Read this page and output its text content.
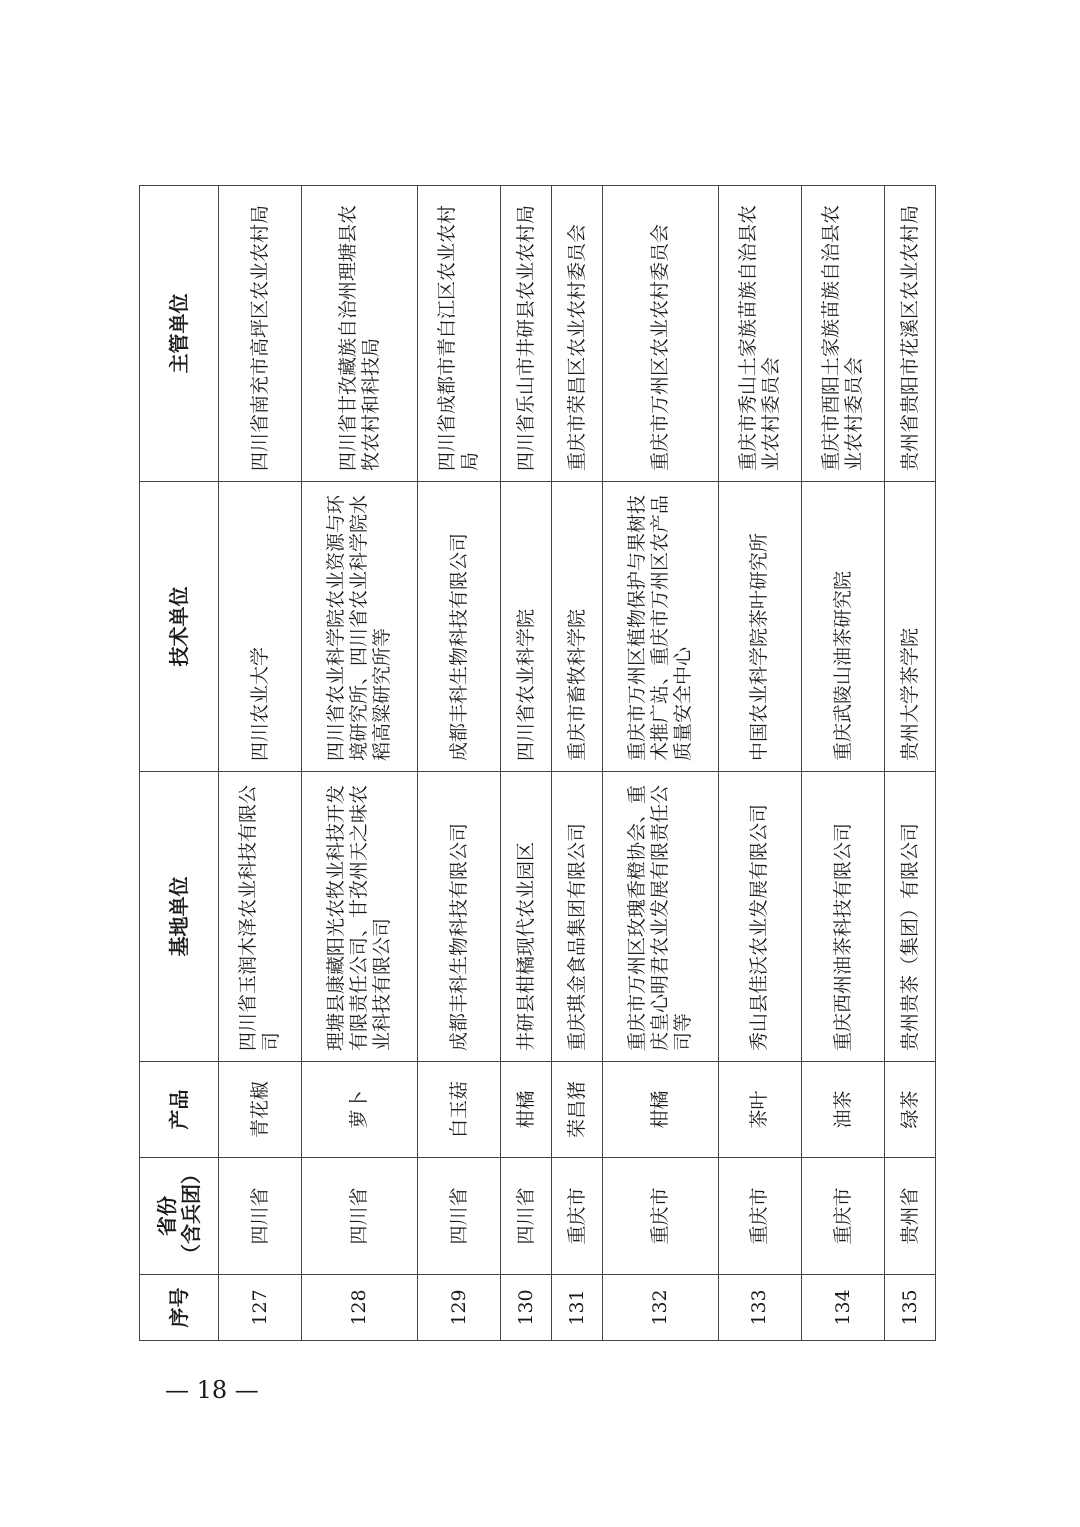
序号	省份 （含兵团）	产品	基地单位	技术单位	主管单位
127	四川省	青花椒	四川省玉润木泽农业科技有限公司	四川农业大学	四川省南充市高坪区农业农村局
128	四川省	萝卜	理塘县康藏阳光农牧业科技开发有限责任公司、甘孜州天之味农业科技有限公司	四川省农业科学院农业资源与环境研究所、四川省农业科学院水稻高粱研究所等	四川省甘孜藏族自治州理塘县农牧农村和科技局
129	四川省	白玉菇	成都丰科生物科技有限公司	成都丰科生物科技有限公司	四川省成都市青白江区农业农村局
130	四川省	柑橘	井研县柑橘现代农业园区	四川省农业科学院	四川省乐山市井研县农业农村局
131	重庆市	荣昌猪	重庆琪金食品集团有限公司	重庆市畜牧科学院	重庆市荣昌区农业农村委员会
132	重庆市	柑橘	重庆市万州区玫瑰香橙协会、重庆皇心明君农业发展有限责任公司等	重庆市万州区植物保护与果树技术推广站、重庆市万州区农产品质量安全中心	重庆市万州区农业农村委员会
133	重庆市	茶叶	秀山县佳沃农业发展有限公司	中国农业科学院茶叶研究所	重庆市秀山土家族苗族自治县农业农村委员会
134	重庆市	油茶	重庆西州油茶科技有限公司	重庆武陵山油茶研究院	重庆市酉阳土家族苗族自治县农业农村委员会
135	贵州省	绿茶	贵州贵茶（集团）有限公司	贵州大学茶学院	贵州省贵阳市花溪区农业农村局
— 18 —
